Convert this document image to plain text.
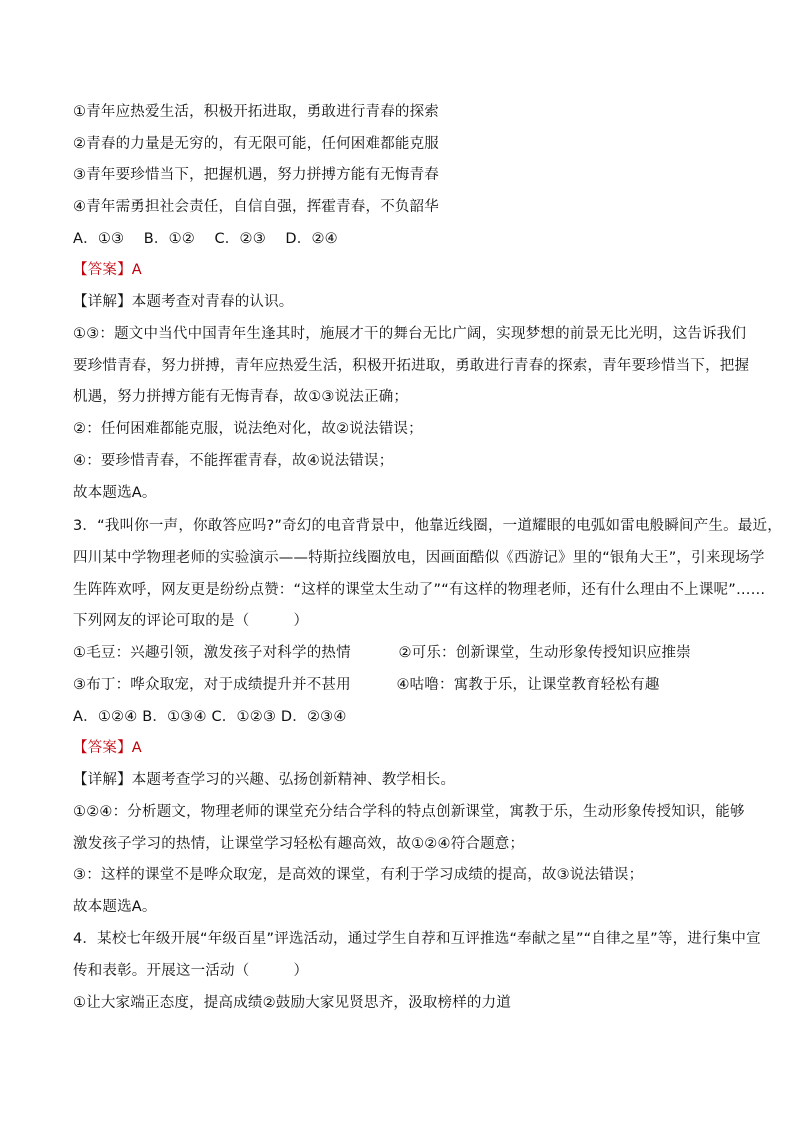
①青年应热爱生活，积极开拓进取，勇敢进行青春的探索
②青春的力量是无穷的，有无限可能，任何困难都能克服
③青年要珍惜当下，把握机遇，努力拼搏方能有无悔青春
④青年需勇担社会责任，自信自强，挥霍青春，不负韶华
A．①③　 B．①②　 C．②③　 D．②④
【答案】A
【详解】本题考查对青春的认识。
①③：题文中当代中国青年生逢其时，施展才干的舞台无比广阔，实现梦想的前景无比光明，这告诉我们
要珍惜青春，努力拼搏，青年应热爱生活，积极开拓进取，勇敢进行青春的探索，青年要珍惜当下，把握
机遇，努力拼搏方能有无悔青春，故①③说法正确；
②：任何困难都能克服，说法绝对化，故②说法错误；
④：要珍惜青春，不能挥霍青春，故④说法错误；
故本题选A。
3．“我叫你一声，你敢答应吗?”奇幻的电音背景中，他靠近线圈，一道耀眼的电弧如雷电般瞬间产生。最近，
四川某中学物理老师的实验演示——特斯拉线圈放电，因画面酷似《西游记》里的“银角大王”，引来现场学
生阵阵欢呼，网友更是纷纷点赞：“这样的课堂太生动了”“有这样的物理老师，还有什么理由不上课呢”……
下列网友的评论可取的是（　　　）
①毛豆：兴趣引领，激发孩子对科学的热情	②可乐：创新课堂，生动形象传授知识应推崇
③布丁：哗众取宠，对于成绩提升并不甚用	④咕噜：寓教于乐，让课堂教育轻松有趣
A．①②④ B．①③④ C．①②③ D．②③④
【答案】A
【详解】本题考查学习的兴趣、弘扬创新精神、教学相长。
①②④：分析题文，物理老师的课堂充分结合学科的特点创新课堂，寓教于乐，生动形象传授知识，能够
激发孩子学习的热情，让课堂学习轻松有趣高效，故①②④符合题意；
③：这样的课堂不是哗众取宠，是高效的课堂，有利于学习成绩的提高，故③说法错误；
故本题选A。
4．某校七年级开展“年级百星”评选活动，通过学生自荐和互评推选“奉献之星”“自律之星”等，进行集中宣
传和表彰。开展这一活动（　　　）
①让大家端正态度，提高成绩②鼓励大家见贤思齐，汲取榜样的力道
